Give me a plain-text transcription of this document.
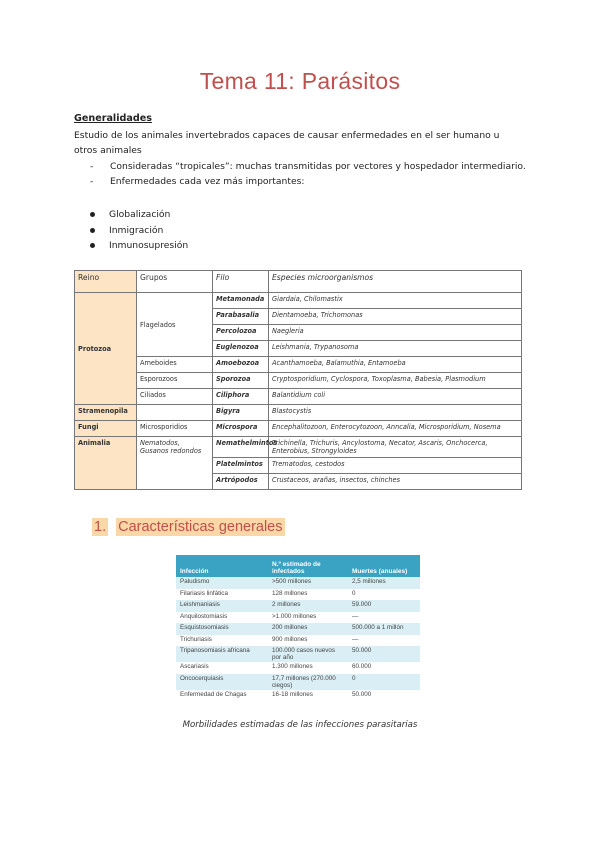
Tema 11: Parásitos
Generalidades
Estudio de los animales invertebrados capaces de causar enfermedades en el ser humano u otros animales
-	Consideradas “tropicales”: muchas transmitidas por vectores y hospedador intermediario.
-	Enfermedades cada vez más importantes:
Globalización
Inmigración
Inmunosupresión
Reino	Grupos	Filo	Especies microorganismos
Protozoa	Flagelados	Metamonada	Giardaia, Chilomastix
		Parabasalia	Dientamoeba, Trichomonas
		Percolozoa	Naegleria
		Euglenozoa	Leishmania, Trypanosoma
	Ameboides	Amoebozoa	Acanthamoeba, Balamuthia, Entamoeba
	Esporozoos	Sporozoa	Cryptosporidium, Cyclospora, Toxoplasma, Babesia, Plasmodium
	Ciliados	Ciliphora	Balantidium coli
Stramenopila		Bigyra	Blastocystis
Fungi	Microsporidios	Microspora	Encephalitozoon, Enterocytozoon, Anncalia, Microsporidium, Nosema
Animalia	Nematodos, Gusanos redondos	Nemathelmintos	Trichinella, Trichuris, Ancylostoma, Necator, Ascaris, Onchocerca, Enterobius, Strongyloides
		Platelmintos	Trematodos, cestodos
		Artrópodos	Crustaceos, arañas, insectos, chinches
1. Características generales
Infección	N.º estimado de infectados	Muertes (anuales)
Paludismo	>500 millones	2,5 millones
Filariasis linfática	128 millones	0
Leishmaniasis	2 millones	59.000
Anquilostomiasis	>1.000 millones	—
Esquistosomiasis	200 millones	500.000 a 1 millón
Trichuriasis	900 millones	—
Tripanosomiasis africana	100.000 casos nuevos por año	50.000
Ascariasis	1.300 millones	60.000
Oncocerquiasis	17,7 millones (270.000 ciegos)	0
Enfermedad de Chagas	16-18 millones	50.000
Morbilidades estimadas de las infecciones parasitarias
